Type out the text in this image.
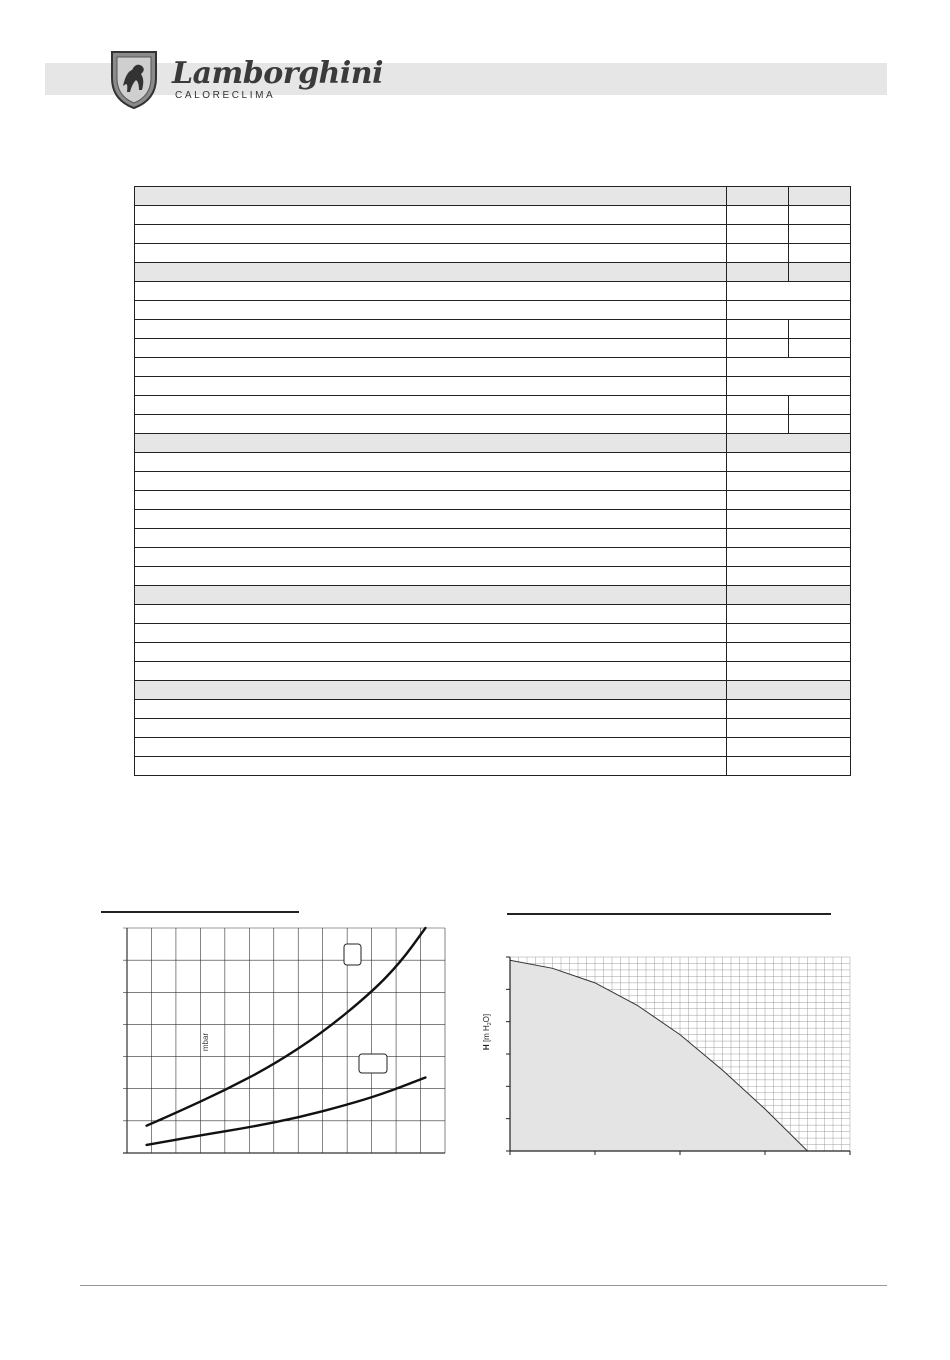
Lamborghini
CALORECLIMA

mbar	H [m $H_2O$]
